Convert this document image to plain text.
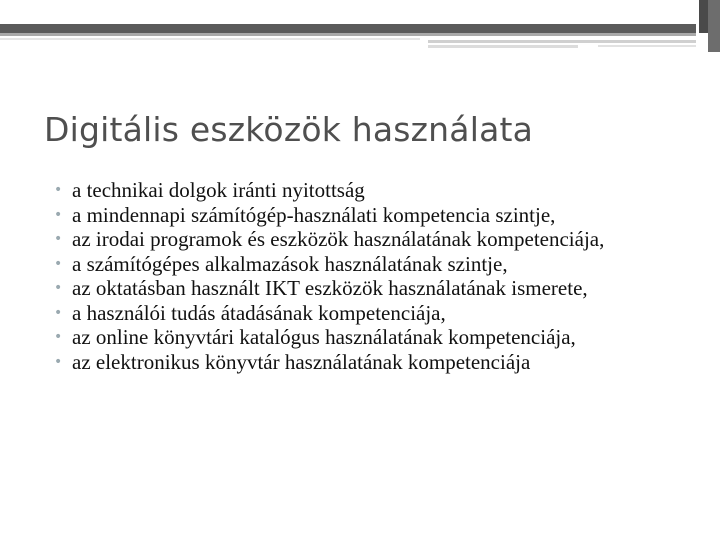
Digitális eszközök használata
• a technikai dolgok iránti nyitottság
• a mindennapi számítógép-használati kompetencia szintje,
• az irodai programok és eszközök használatának kompetenciája,
• a számítógépes alkalmazások használatának szintje,
• az oktatásban használt IKT eszközök használatának ismerete,
• a használói tudás átadásának kompetenciája,
• az online könyvtári katalógus használatának kompetenciája,
• az elektronikus könyvtár használatának kompetenciája
